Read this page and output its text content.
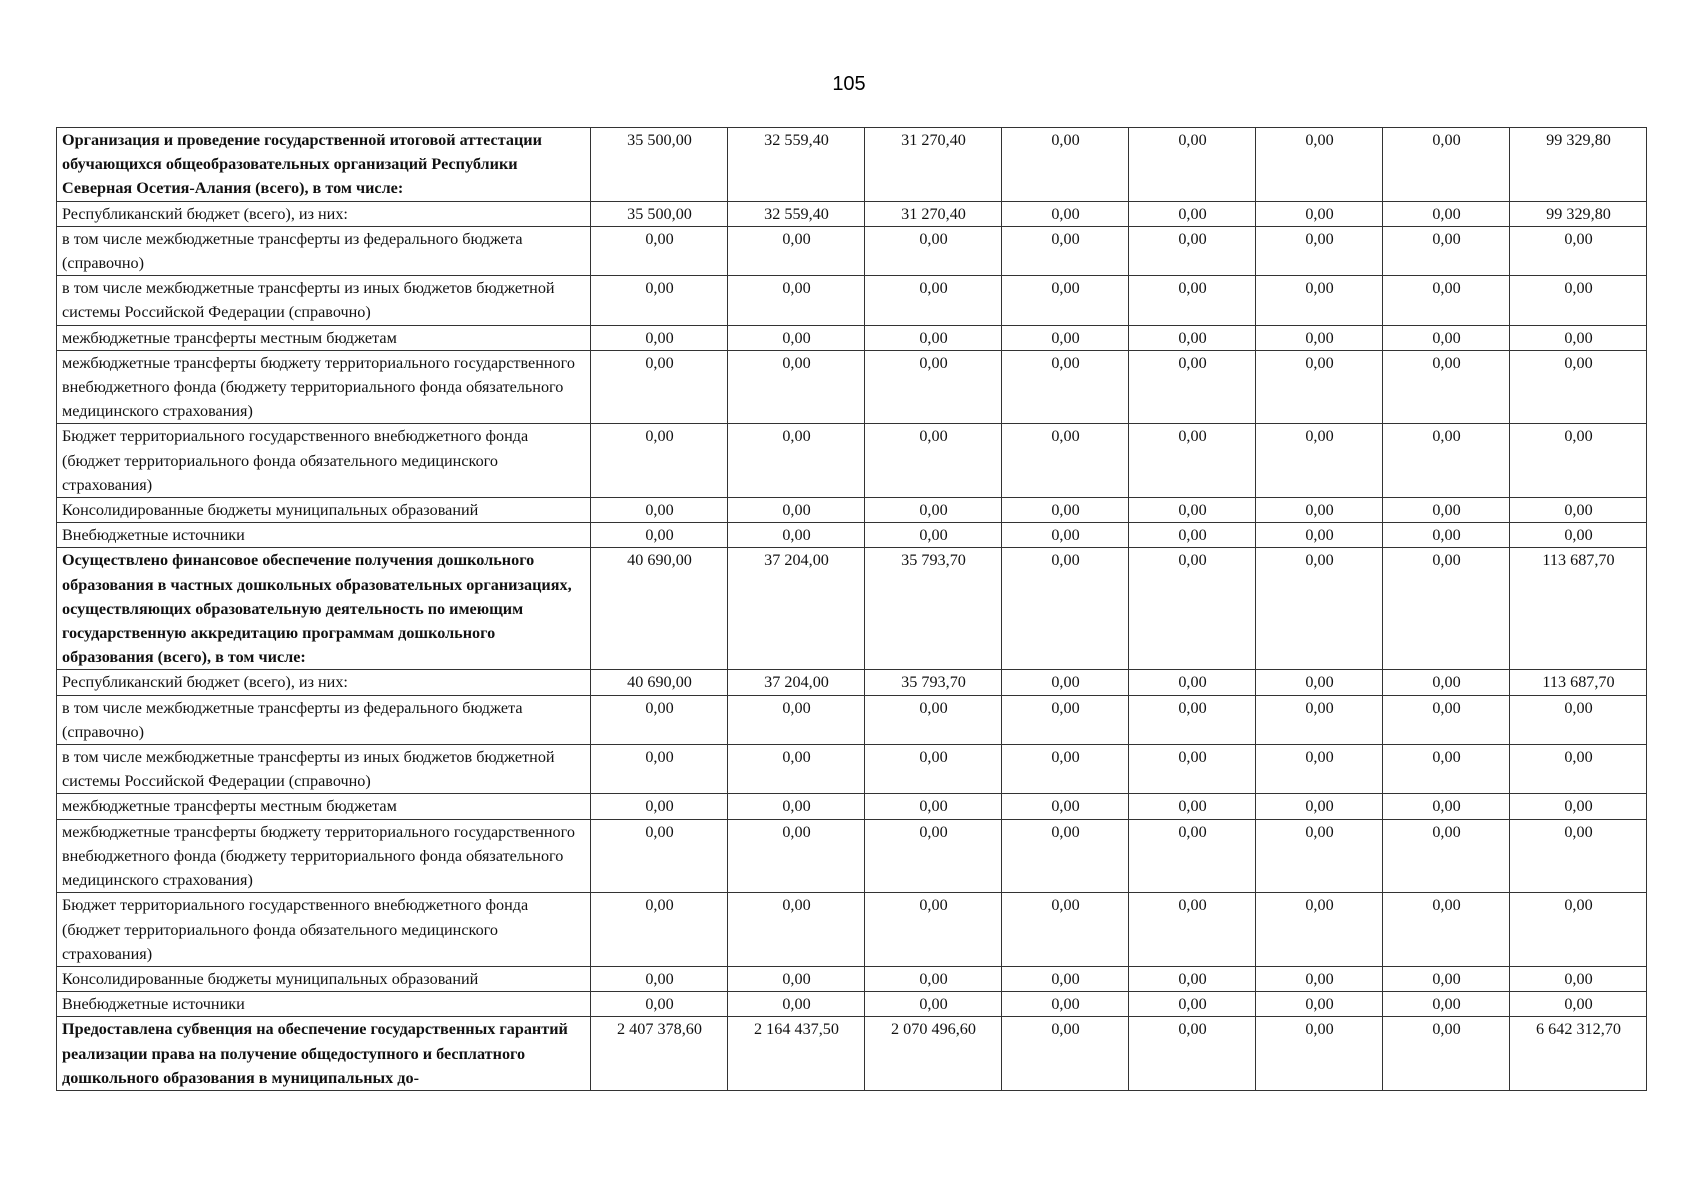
105
Организация и проведение государственной итоговой аттестации обучающихся общеобразовательных организаций Республики Северная Осетия-Алания (всего), в том числе:	35 500,00	32 559,40	31 270,40	0,00	0,00	0,00	0,00	99 329,80
Республиканский бюджет (всего), из них:	35 500,00	32 559,40	31 270,40	0,00	0,00	0,00	0,00	99 329,80
в том числе межбюджетные трансферты из федерального бюджета (справочно)	0,00	0,00	0,00	0,00	0,00	0,00	0,00	0,00
в том числе межбюджетные трансферты из иных бюджетов бюджетной системы Российской Федерации (справочно)	0,00	0,00	0,00	0,00	0,00	0,00	0,00	0,00
межбюджетные трансферты местным бюджетам	0,00	0,00	0,00	0,00	0,00	0,00	0,00	0,00
межбюджетные трансферты бюджету территориального государственного внебюджетного фонда (бюджету территориального фонда обязательного медицинского страхования)	0,00	0,00	0,00	0,00	0,00	0,00	0,00	0,00
Бюджет территориального государственного внебюджетного фонда (бюджет территориального фонда обязательного медицинского страхования)	0,00	0,00	0,00	0,00	0,00	0,00	0,00	0,00
Консолидированные бюджеты муниципальных образований	0,00	0,00	0,00	0,00	0,00	0,00	0,00	0,00
Внебюджетные источники	0,00	0,00	0,00	0,00	0,00	0,00	0,00	0,00
Осуществлено финансовое обеспечение получения дошкольного образования в частных дошкольных образовательных организациях, осуществляющих образовательную деятельность по имеющим государственную аккредитацию программам дошкольного образования (всего), в том числе:	40 690,00	37 204,00	35 793,70	0,00	0,00	0,00	0,00	113 687,70
Республиканский бюджет (всего), из них:	40 690,00	37 204,00	35 793,70	0,00	0,00	0,00	0,00	113 687,70
в том числе межбюджетные трансферты из федерального бюджета (справочно)	0,00	0,00	0,00	0,00	0,00	0,00	0,00	0,00
в том числе межбюджетные трансферты из иных бюджетов бюджетной системы Российской Федерации (справочно)	0,00	0,00	0,00	0,00	0,00	0,00	0,00	0,00
межбюджетные трансферты местным бюджетам	0,00	0,00	0,00	0,00	0,00	0,00	0,00	0,00
межбюджетные трансферты бюджету территориального государственного внебюджетного фонда (бюджету территориального фонда обязательного медицинского страхования)	0,00	0,00	0,00	0,00	0,00	0,00	0,00	0,00
Бюджет территориального государственного внебюджетного фонда (бюджет территориального фонда обязательного медицинского страхования)	0,00	0,00	0,00	0,00	0,00	0,00	0,00	0,00
Консолидированные бюджеты муниципальных образований	0,00	0,00	0,00	0,00	0,00	0,00	0,00	0,00
Внебюджетные источники	0,00	0,00	0,00	0,00	0,00	0,00	0,00	0,00
Предоставлена субвенция на обеспечение государственных гарантий реализации права на получение общедоступного и бесплатного дошкольного образования в муниципальных до-	2 407 378,60	2 164 437,50	2 070 496,60	0,00	0,00	0,00	0,00	6 642 312,70
